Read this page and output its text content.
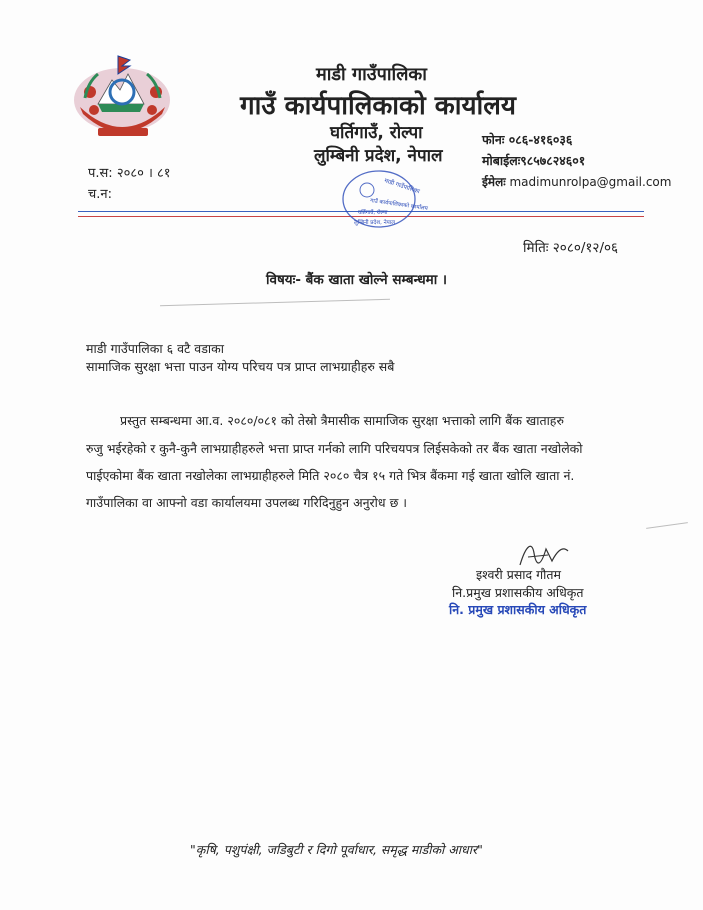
माडी गाउँपालिका
गाउँ कार्यपालिकाको कार्यालय
घर्तिगाउँ, रोल्पा
लुम्बिनी प्रदेश, नेपाल
फोनः ०८६-४१६०३६
मोबाईलः९८५७८२४६०१
ईमेलः madimunrolpa@gmail.com
प.स: २०८० । ८१
च.न:	माडी गाउँपालिका
गाउँ कार्यपालिकाको कार्यालय
घर्तिगाउँ, रोल्पा
लुम्बिनी प्रदेश, नेपाल
मितिः २०८०/१२/०६
विषयः- बैंक खाता खोल्ने सम्बन्धमा ।
माडी गाउँपालिका ६ वटै वडाका
सामाजिक सुरक्षा भत्ता पाउन योग्य परिचय पत्र प्राप्त लाभग्राहीहरु सबै
प्रस्तुत सम्बन्धमा आ.व. २०८०/०८१ को तेस्रो त्रैमासीक सामाजिक सुरक्षा भत्ताको लागि बैंक खाताहरु
रुजु भईरहेको र कुनै-कुनै लाभग्राहीहरुले भत्ता प्राप्त गर्नको लागि परिचयपत्र लिईसकेको तर बैंक खाता नखोलेको
पाईएकोमा बैंक खाता नखोलेका लाभग्राहीहरुले मिति २०८० चैत्र १५ गते भित्र बैंकमा गई खाता खोलि खाता नं.
गाउँपालिका वा आफ्नो वडा कार्यालयमा उपलब्ध गरिदिनुहुन अनुरोध छ ।
इश्वरी प्रसाद गौतम
नि.प्रमुख प्रशासकीय अधिकृत
नि. प्रमुख प्रशासकीय अधिकृत
"कृषि, पशुपंक्षी, जडिबुटी र दिगो पूर्वाधार, समृद्ध माडीको आधार"
